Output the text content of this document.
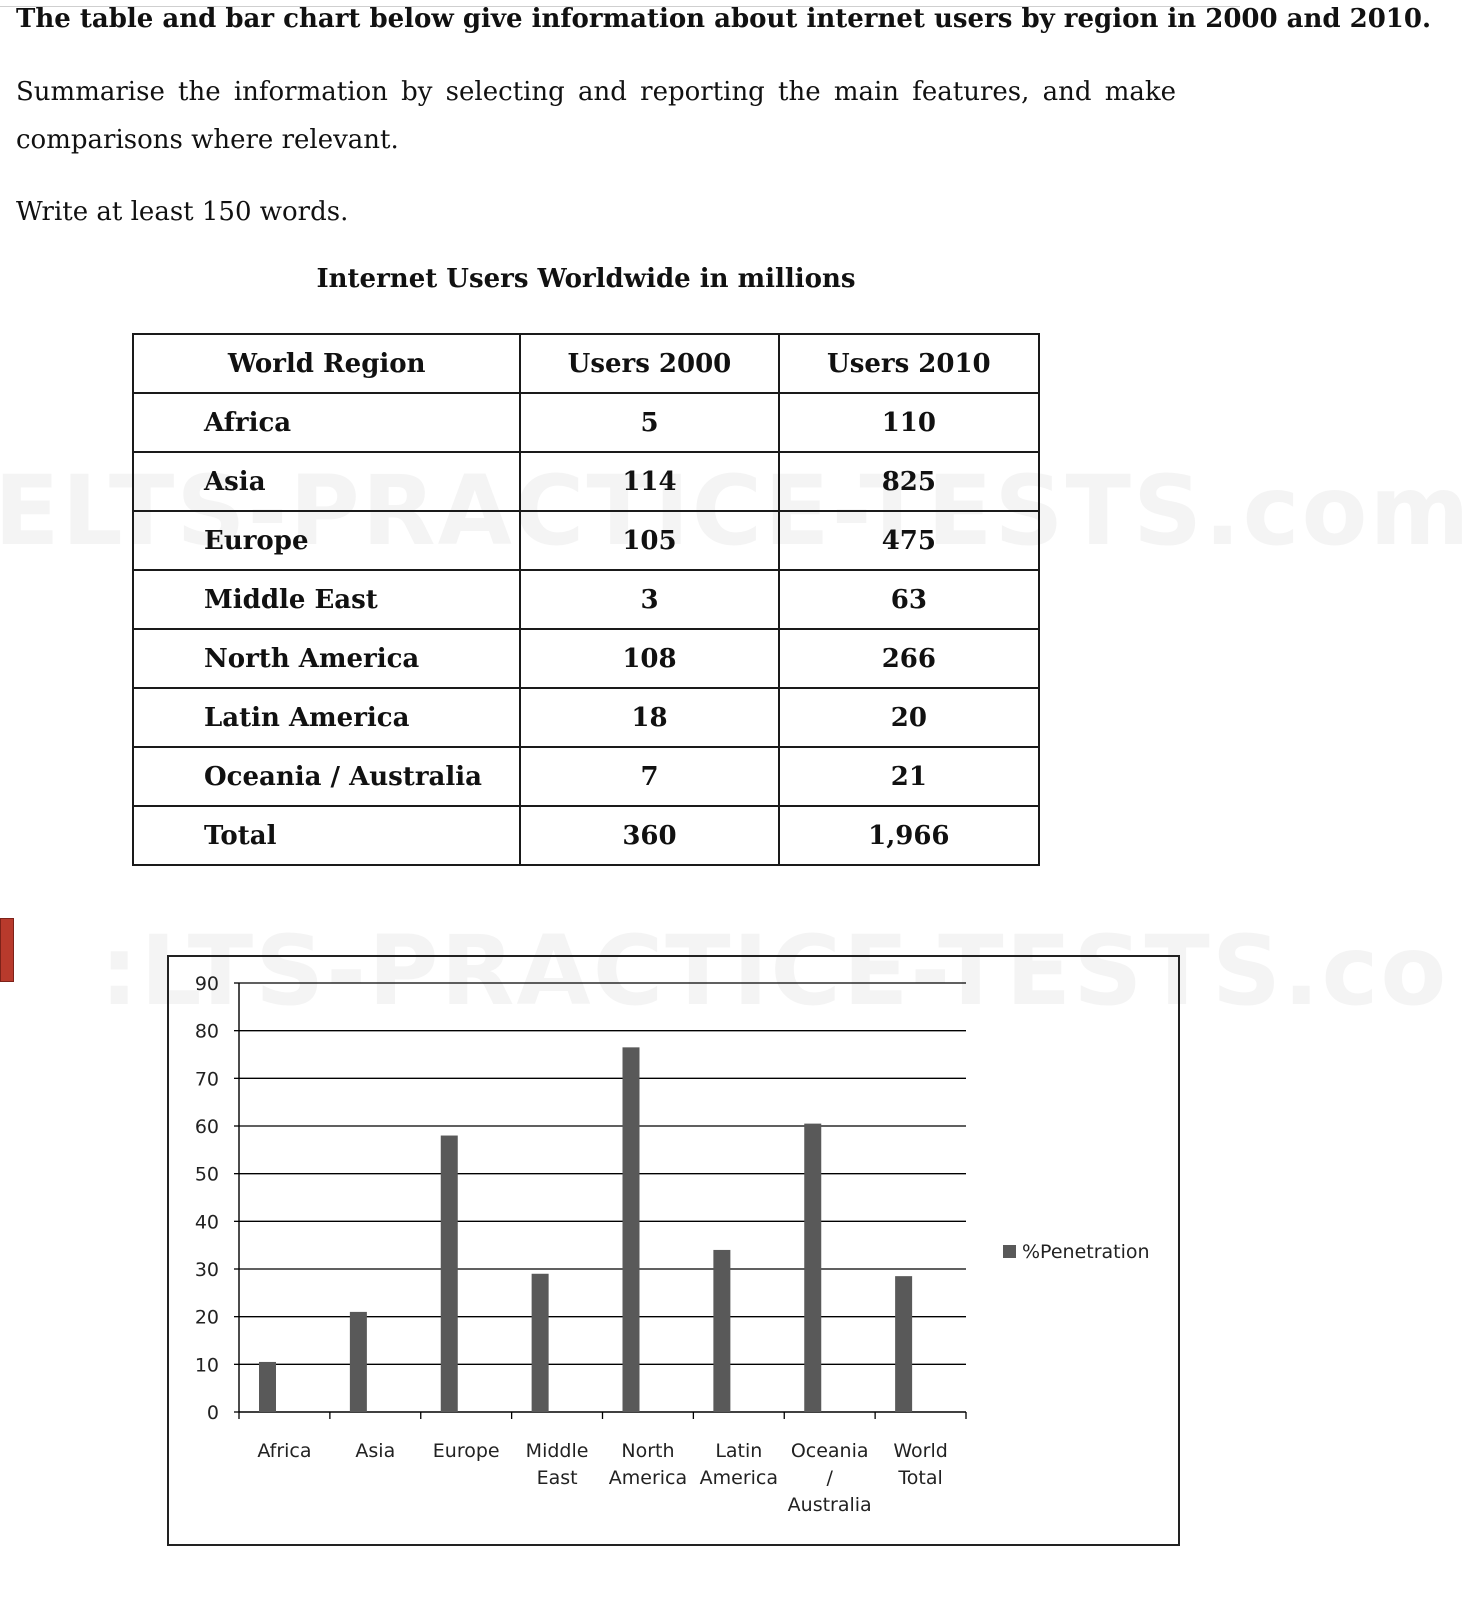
The table and bar chart below give information about internet users by region in 2000 and 2010.
Summarise the information by selecting and reporting the main features, and make comparisons where relevant.
Write at least 150 words.
Internet Users Worldwide in millions
World Region	Users 2000	Users 2010
Africa	5	110
Asia	114	825
Europe	105	475
Middle East	3	63
North America	108	266
Latin America	18	20
Oceania / Australia	7	21
Total	360	1,966
0
10
20
30
40
50
60
70
80
90
Africa Asia Europe Middle East
North America
Latin America
Oceania / Australia
World Total
%Penetration
